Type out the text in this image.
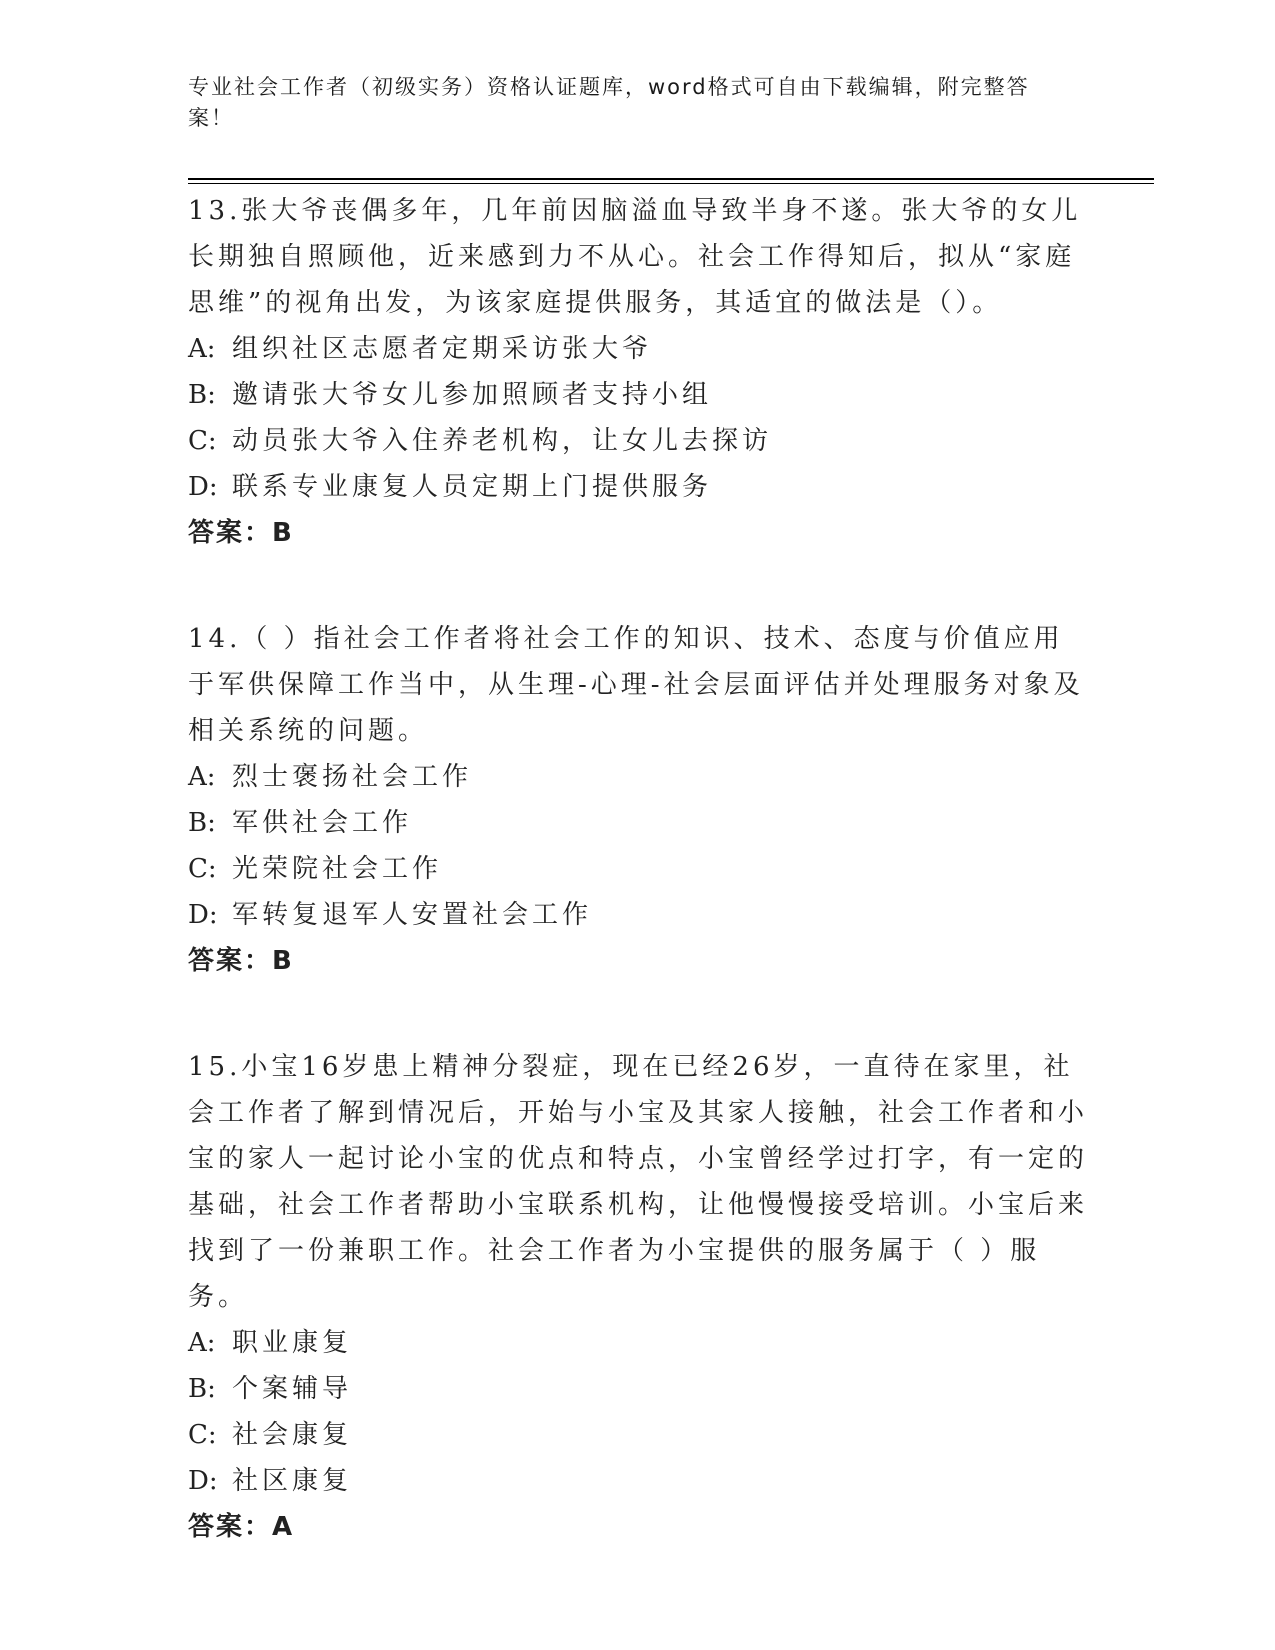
专业社会工作者（初级实务）资格认证题库，word格式可自由下载编辑，附完整答案！

13.张大爷丧偶多年，几年前因脑溢血导致半身不遂。张大爷的女儿长期独自照顾他，近来感到力不从心。社会工作得知后，拟从“家庭思维”的视角出发，为该家庭提供服务，其适宜的做法是（）。

A: 组织社区志愿者定期采访张大爷

B: 邀请张大爷女儿参加照顾者支持小组

C: 动员张大爷入住养老机构，让女儿去探访

D: 联系专业康复人员定期上门提供服务

答案：B

14.（ ）指社会工作者将社会工作的知识、技术、态度与价值应用于军供保障工作当中，从生理-心理-社会层面评估并处理服务对象及相关系统的问题。

A: 烈士褒扬社会工作

B: 军供社会工作

C: 光荣院社会工作

D: 军转复退军人安置社会工作

答案：B

15.小宝16岁患上精神分裂症，现在已经26岁，一直待在家里，社会工作者了解到情况后，开始与小宝及其家人接触，社会工作者和小宝的家人一起讨论小宝的优点和特点，小宝曾经学过打字，有一定的基础，社会工作者帮助小宝联系机构，让他慢慢接受培训。小宝后来找到了一份兼职工作。社会工作者为小宝提供的服务属于（ ）服务。

A: 职业康复

B: 个案辅导

C: 社会康复

D: 社区康复

答案：A
